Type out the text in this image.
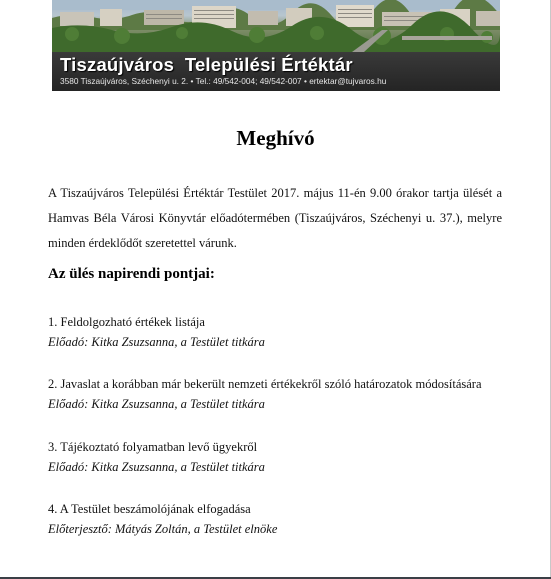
Tiszaújváros  Települési Értéktár
3580 Tiszaújváros, Széchenyi u. 2. • Tel.: 49/542-004; 49/542-007 • ertektar@tujvaros.hu
Meghívó
A Tiszaújváros Települési Értéktár Testület 2017. május 11-én 9.00 órakor tartja ülését a Hamvas Béla Városi Könyvtár előadótermében (Tiszaújváros, Széchenyi u. 37.), melyre minden érdeklődőt szeretettel várunk.
Az ülés napirendi pontjai:
1. Feldolgozható értékek listája
Előadó: Kitka Zsuzsanna, a Testület titkára
2. Javaslat a korábban már bekerült nemzeti értékekről szóló határozatok módosítására
Előadó: Kitka Zsuzsanna, a Testület titkára
3. Tájékoztató folyamatban levő ügyekről
Előadó: Kitka Zsuzsanna, a Testület titkára
4. A Testület beszámolójának elfogadása
Előterjesztő: Mátyás Zoltán, a Testület elnöke
